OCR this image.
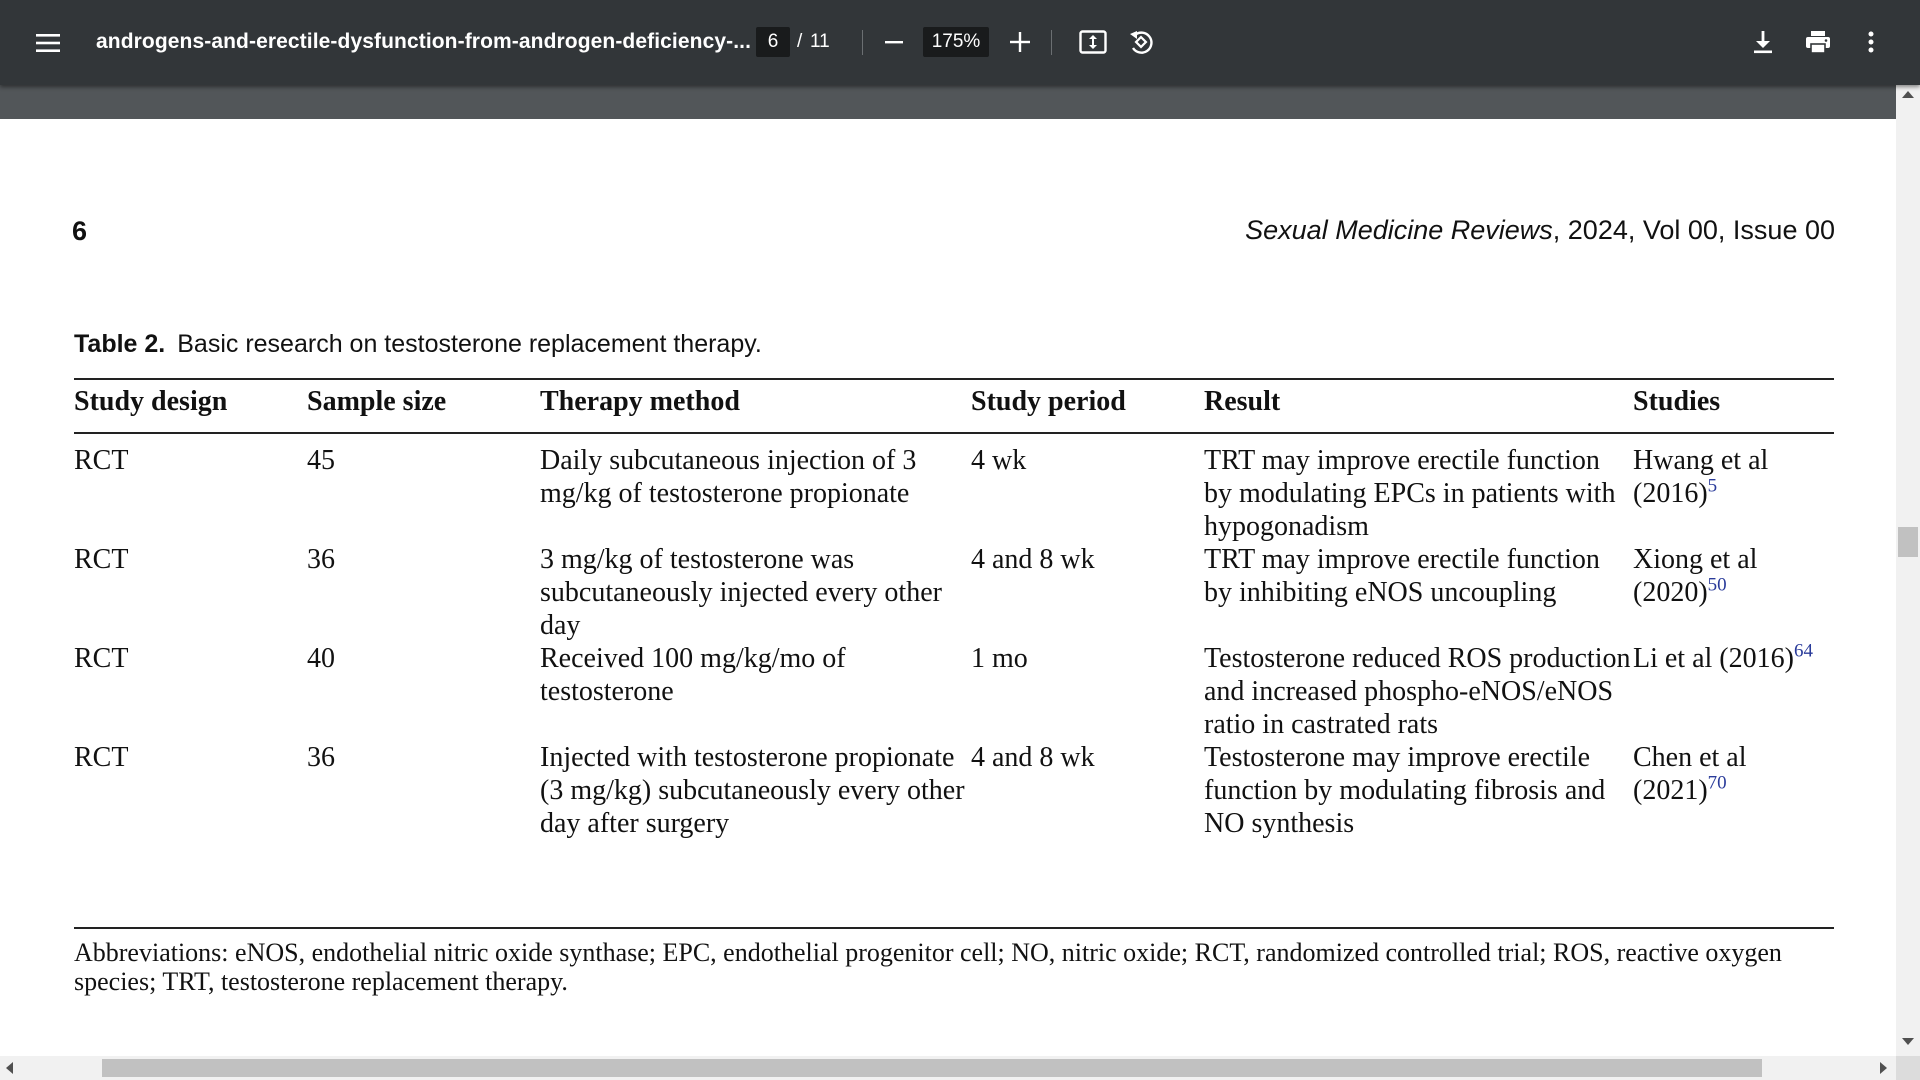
androgens-and-erectile-dysfunction-from-androgen-deficiency-...
6 / 11
175%
6	Sexual Medicine Reviews, 2024, Vol 00, Issue 00
Table 2. Basic research on testosterone replacement therapy.
Study design	Sample size	Therapy method	Study period	Result	Studies
RCT	45	Daily subcutaneous injection of 3 mg/kg of testosterone propionate	4 wk	TRT may improve erectile function by modulating EPCs in patients with hypogonadism	Hwang et al
(2016)$^5$
RCT	36	3 mg/kg of testosterone was subcutaneously injected every other day	4 and 8 wk	TRT may improve erectile function by inhibiting eNOS uncoupling	Xiong et al
(2020)$^{50}$
RCT	40	Received 100 mg/kg/mo of testosterone	1 mo	Testosterone reduced ROS production and increased phospho-eNOS/eNOS ratio in castrated rats	Li et al (2016)$^{64}$
RCT	36	Injected with testosterone propionate (3 mg/kg) subcutaneously every other day after surgery	4 and 8 wk	Testosterone may improve erectile function by modulating fibrosis and NO synthesis	Chen et al
(2021)$^{70}$
Abbreviations: eNOS, endothelial nitric oxide synthase; EPC, endothelial progenitor cell; NO, nitric oxide; RCT, randomized controlled trial; ROS, reactive oxygen species; TRT, testosterone replacement therapy.
